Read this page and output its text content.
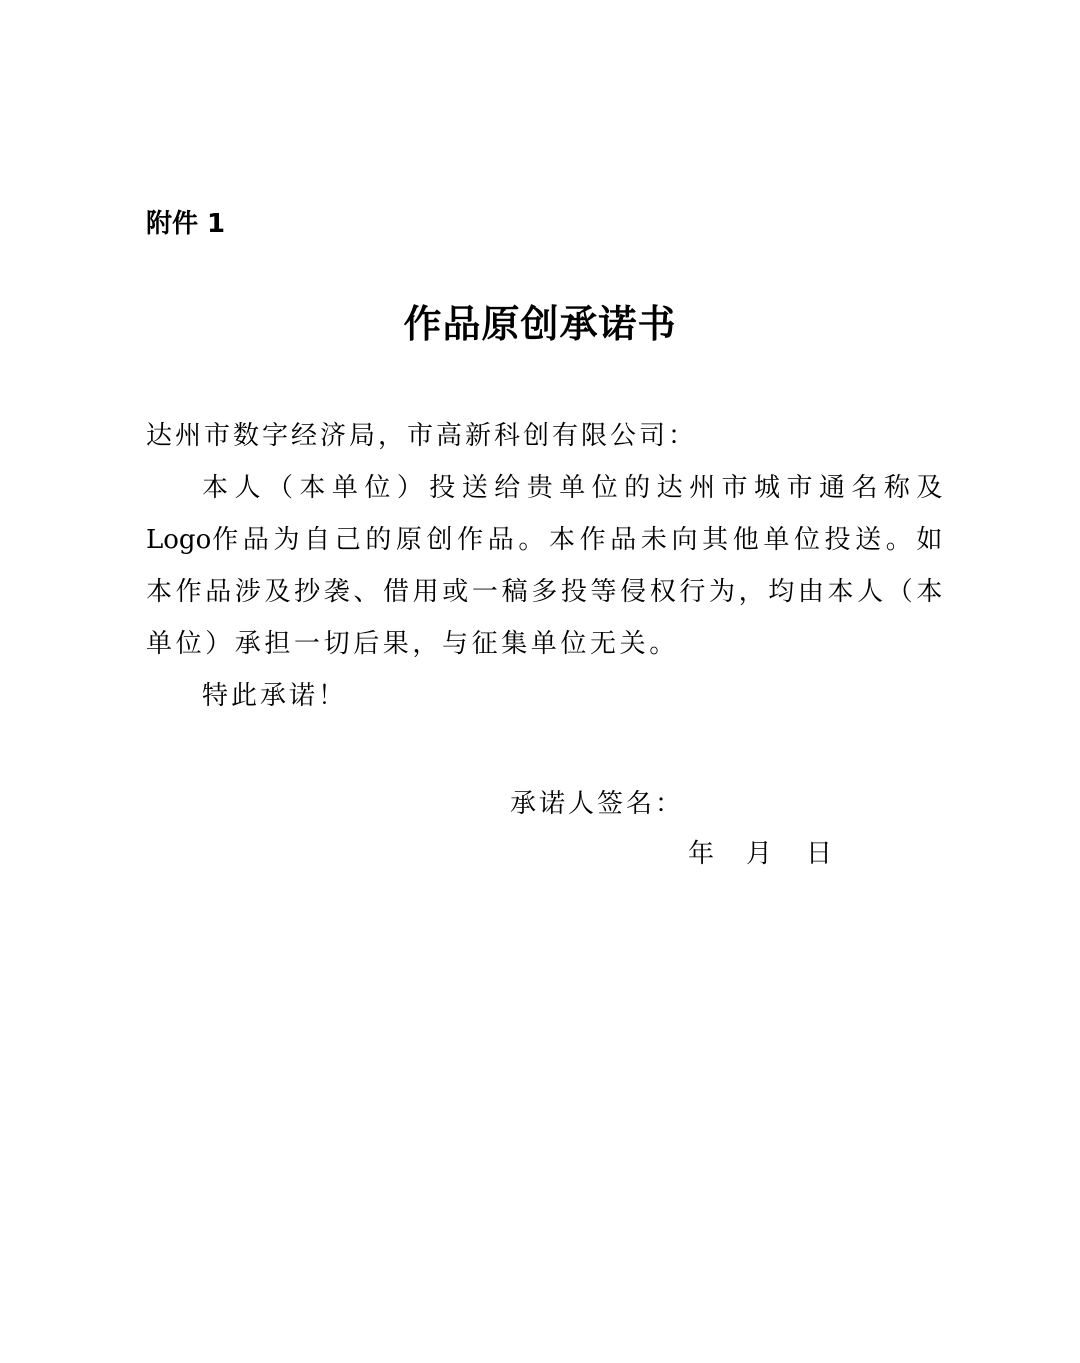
附件 1
作品原创承诺书
达州市数字经济局，市高新科创有限公司：
本人（本单位）投送给贵单位的达州市城市通名称及Logo作品为自己的原创作品。本作品未向其他单位投送。如本作品涉及抄袭、借用或一稿多投等侵权行为，均由本人（本单位）承担一切后果，与征集单位无关。
特此承诺！
承诺人签名：
年 月 日
